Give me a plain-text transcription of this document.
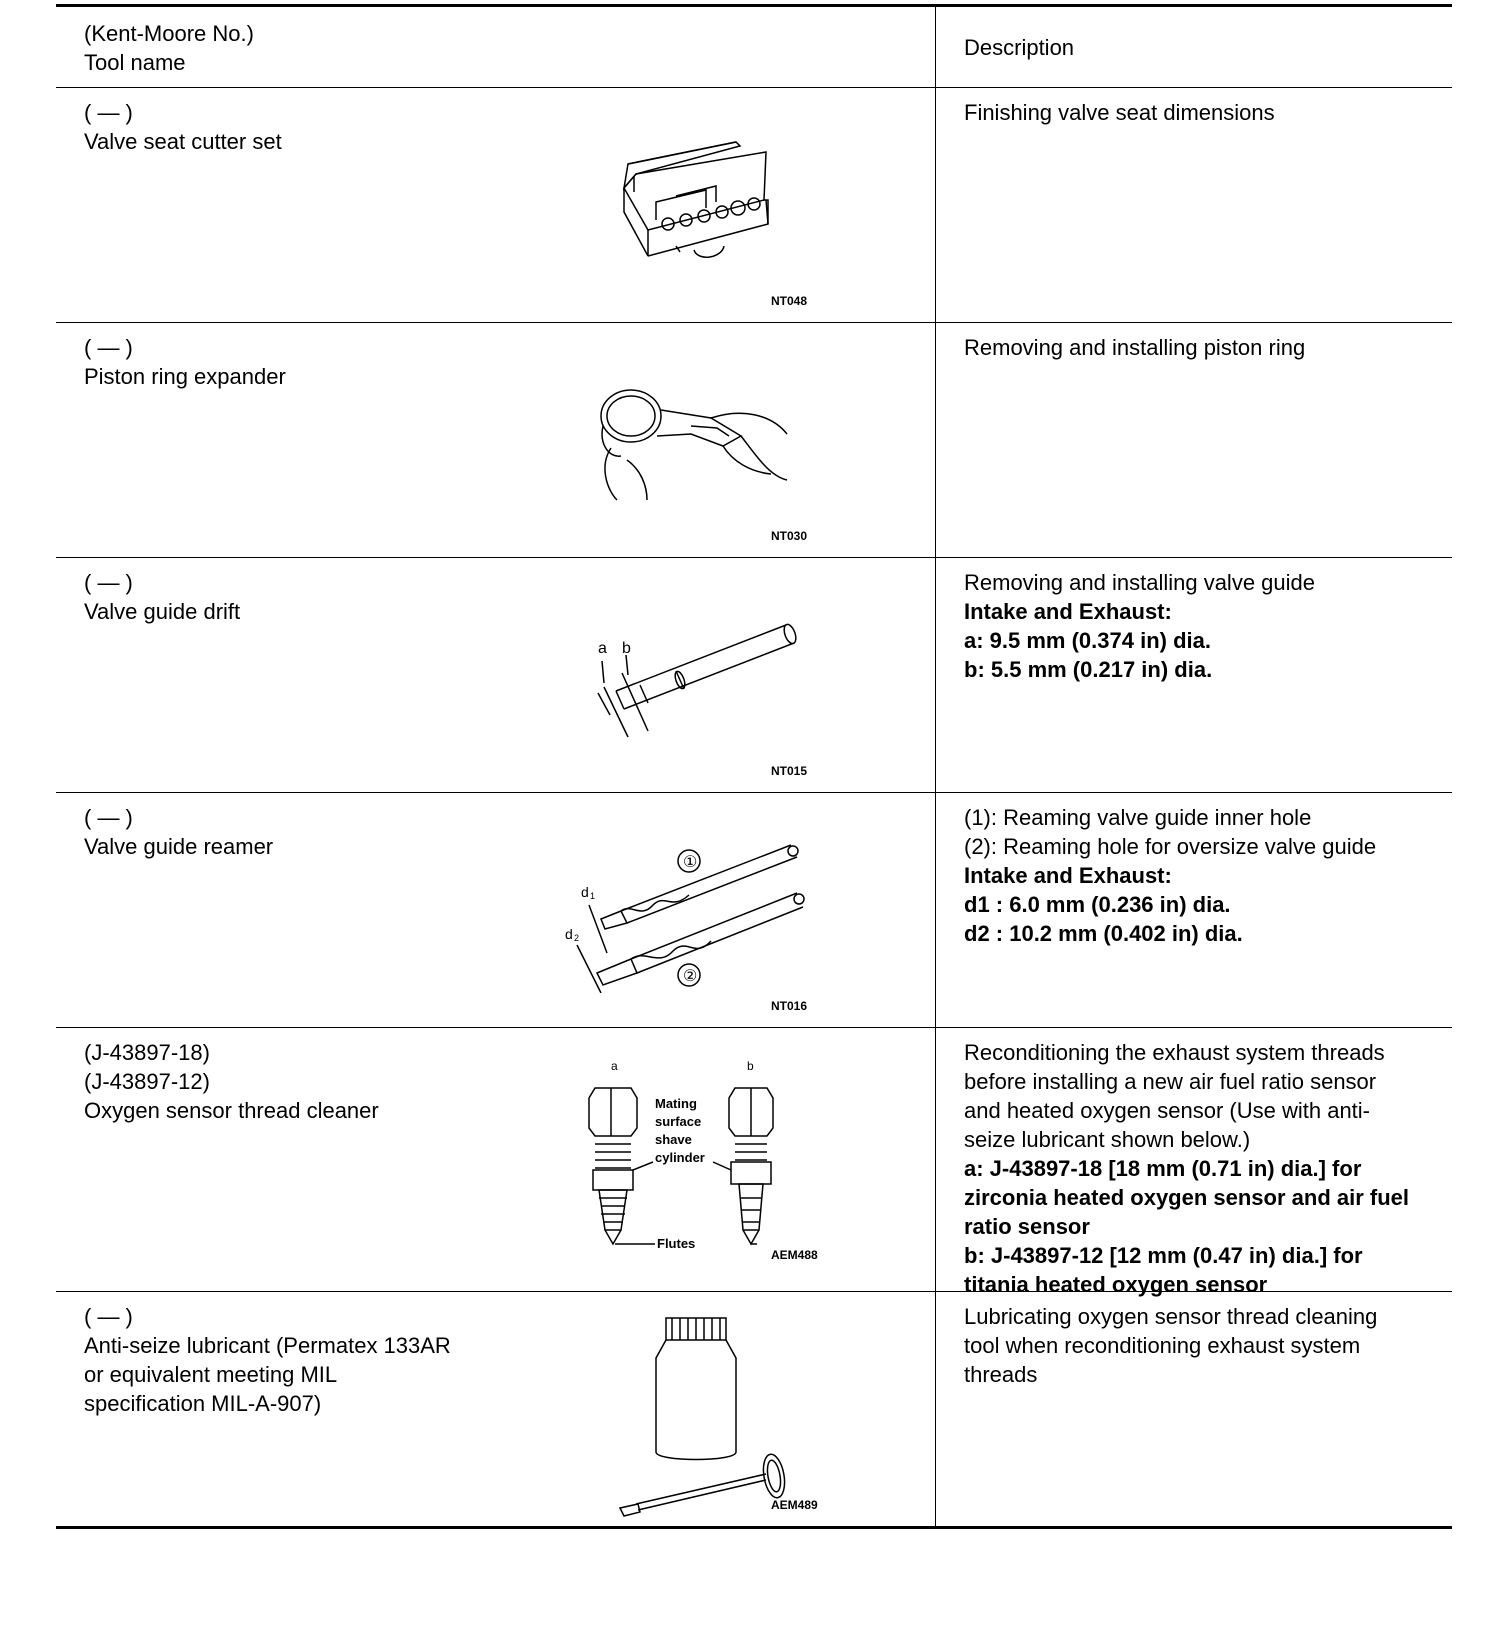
(Kent-Moore No.)
Tool name
Description
( — )
Valve seat cutter set
NT048
Finishing valve seat dimensions
( — )
Piston ring expander
NT030
Removing and installing piston ring
( — )
Valve guide drift
a b
NT015
Removing and installing valve guide
Intake and Exhaust:
a: 9.5 mm (0.374 in) dia.
b: 5.5 mm (0.217 in) dia.
( — )
Valve guide reamer
①
②
d 1
d 2
NT016
(1): Reaming valve guide inner hole
(2): Reaming hole for oversize valve guide
Intake and Exhaust:
d1 : 6.0 mm (0.236 in) dia.
d2 : 10.2 mm (0.402 in) dia.
(J-43897-18)
(J-43897-12)
Oxygen sensor thread cleaner
a	b
Mating
surface
shave
cylinder
Flutes
AEM488
Reconditioning the exhaust system threads
before installing a new air fuel ratio sensor
and heated oxygen sensor (Use with anti-
seize lubricant shown below.)
a: J-43897-18 [18 mm (0.71 in) dia.] for
zirconia heated oxygen sensor and air fuel
ratio sensor
b: J-43897-12 [12 mm (0.47 in) dia.] for
titania heated oxygen sensor
( — )
Anti-seize lubricant (Permatex 133AR
or equivalent meeting MIL
specification MIL-A-907)
AEM489
Lubricating oxygen sensor thread cleaning
tool when reconditioning exhaust system
threads
